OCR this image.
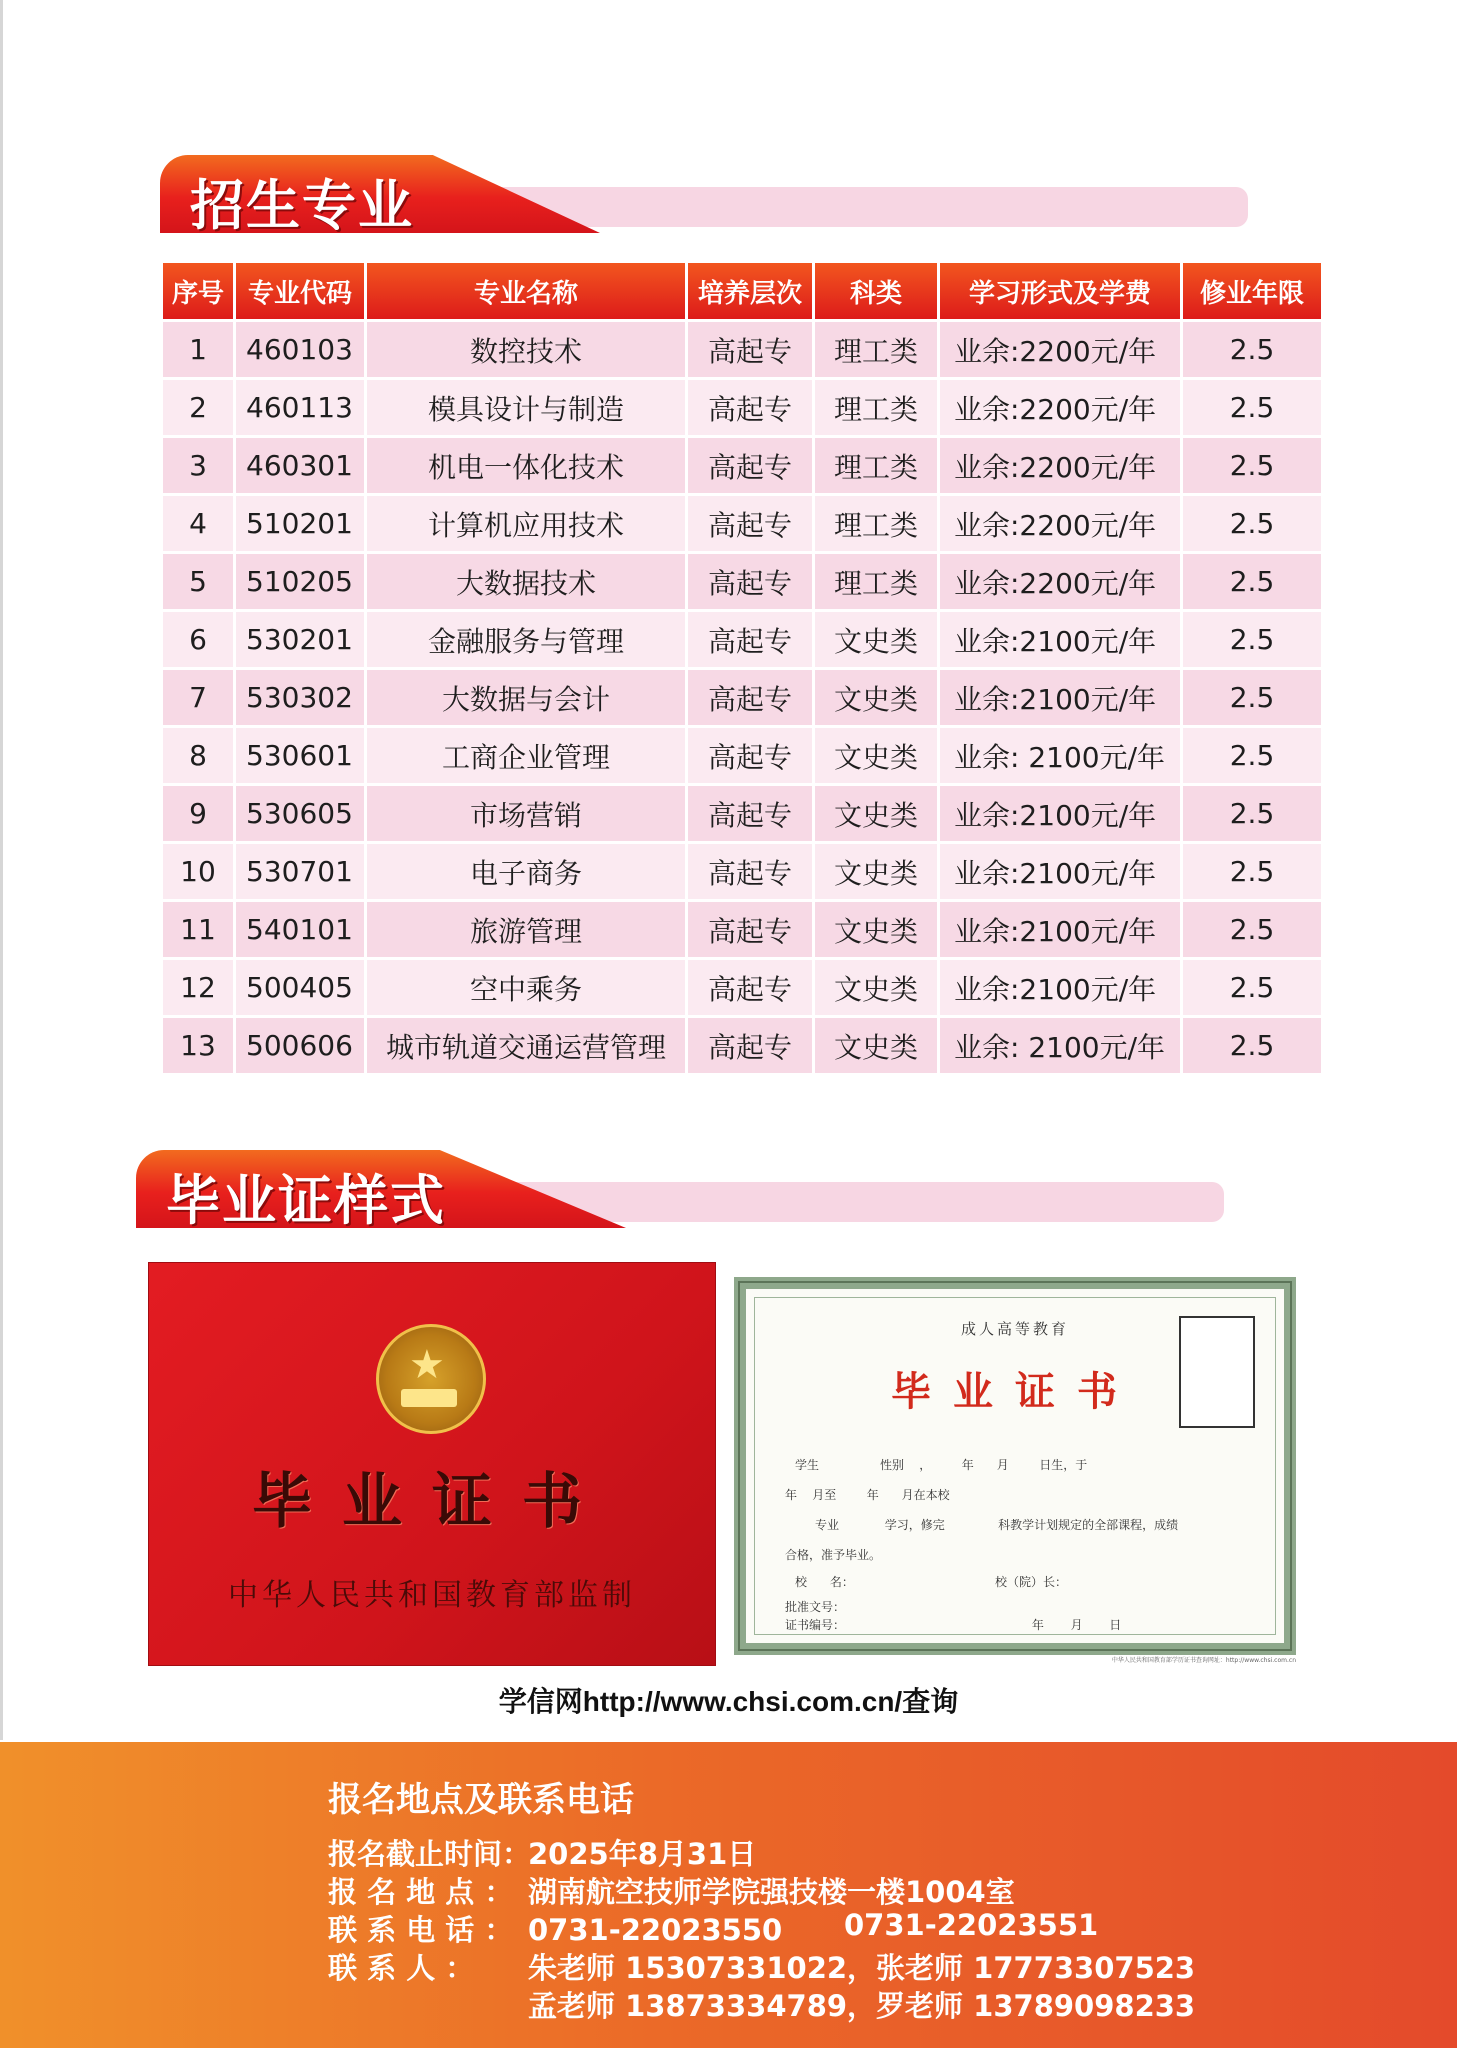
招生专业
序号	专业代码	专业名称	培养层次	科类	学习形式及学费	修业年限
1	460103	数控技术	高起专	理工类	业余:2200元/年	2.5
2	460113	模具设计与制造	高起专	理工类	业余:2200元/年	2.5
3	460301	机电一体化技术	高起专	理工类	业余:2200元/年	2.5
4	510201	计算机应用技术	高起专	理工类	业余:2200元/年	2.5
5	510205	大数据技术	高起专	理工类	业余:2200元/年	2.5
6	530201	金融服务与管理	高起专	文史类	业余:2100元/年	2.5
7	530302	大数据与会计	高起专	文史类	业余:2100元/年	2.5
8	530601	工商企业管理	高起专	文史类	业余: 2100元/年	2.5
9	530605	市场营销	高起专	文史类	业余:2100元/年	2.5
10	530701	电子商务	高起专	文史类	业余:2100元/年	2.5
11	540101	旅游管理	高起专	文史类	业余:2100元/年	2.5
12	500405	空中乘务	高起专	文史类	业余:2100元/年	2.5
13	500606	城市轨道交通运营管理	高起专	文史类	业余: 2100元/年	2.5
毕业证样式
★
毕业证书
中华人民共和国教育部监制
成人高等教育
毕业证书
学生                性别    ，        年      月        日生，于
年    月至        年      月在本校
专业            学习，修完              科教学计划规定的全部课程，成绩
合格，准予毕业。
校      名：                                     校（院）长：
批准文号：
证书编号：                                                 年       月       日
中华人民共和国教育部学历证书查询网址：http://www.chsi.com.cn
学信网http://www.chsi.com.cn/查询
报名地点及联系电话
报名截止时间：2025年8月31日
报 名 地 点 ： 湖南航空技师学院强技楼一楼1004室
联 系 电 话 ： 0731-22023550 0731-22023551
联 系 人 ： 朱老师 15307331022，张老师 17773307523
孟老师 13873334789，罗老师 13789098233
